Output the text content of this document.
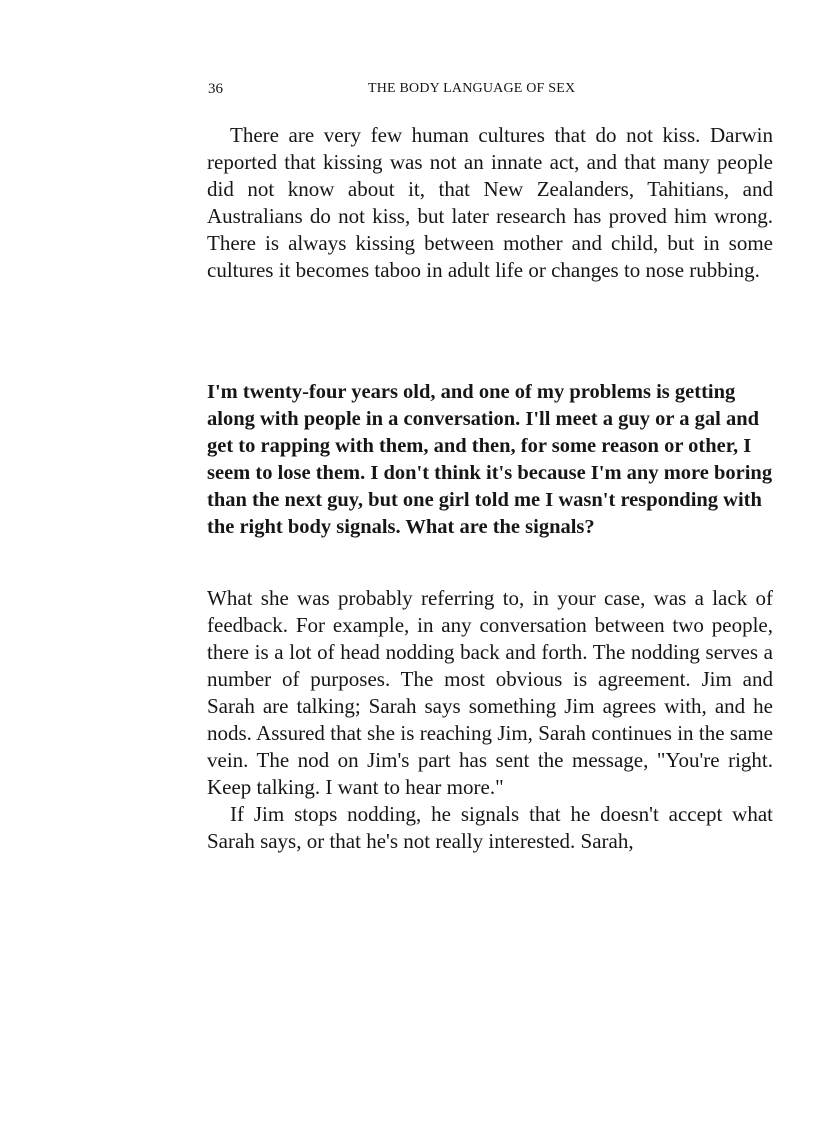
36	THE BODY LANGUAGE OF SEX

There are very few human cultures that do not kiss. Darwin reported that kissing was not an innate act, and that many people did not know about it, that New Zealanders, Tahitians, and Australians do not kiss, but later research has proved him wrong. There is always kissing between mother and child, but in some cultures it becomes taboo in adult life or changes to nose rubbing.

I'm twenty-four years old, and one of my problems is getting along with people in a conversation. I'll meet a guy or a gal and get to rapping with them, and then, for some reason or other, I seem to lose them. I don't think it's because I'm any more boring than the next guy, but one girl told me I wasn't responding with the right body signals. What are the signals?

What she was probably referring to, in your case, was a lack of feedback. For example, in any conversation between two people, there is a lot of head nodding back and forth. The nodding serves a number of purposes. The most obvious is agreement. Jim and Sarah are talking; Sarah says something Jim agrees with, and he nods. Assured that she is reaching Jim, Sarah continues in the same vein. The nod on Jim's part has sent the message, "You're right. Keep talking. I want to hear more."

If Jim stops nodding, he signals that he doesn't accept what Sarah says, or that he's not really interested. Sarah,
